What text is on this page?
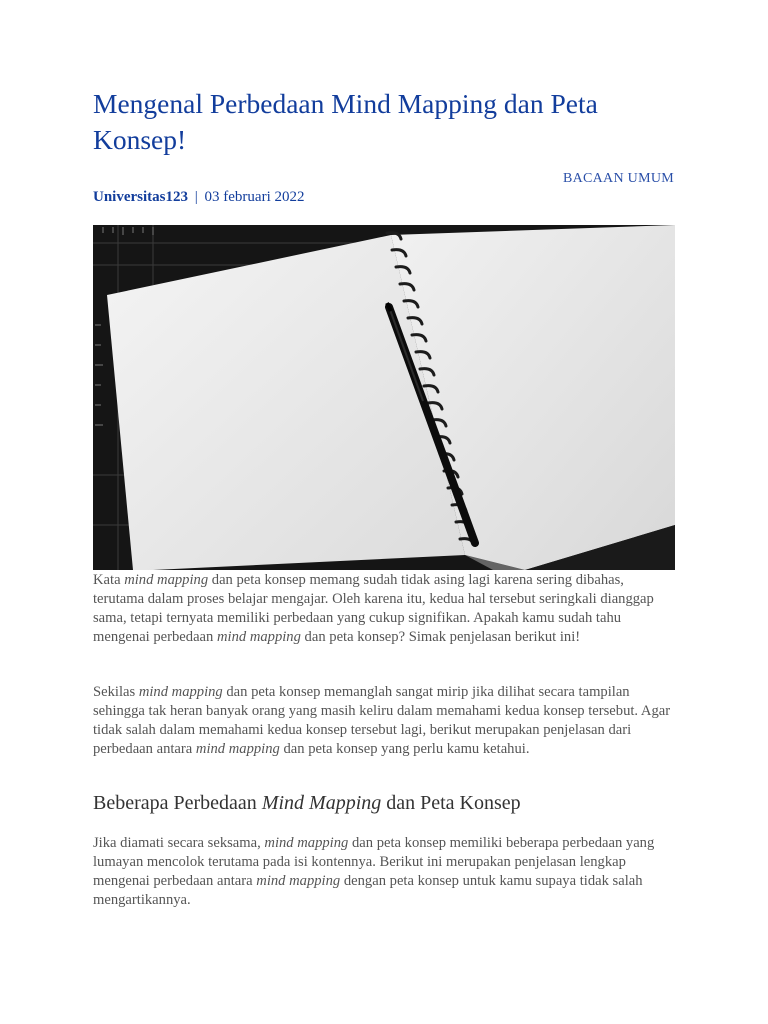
Mengenal Perbedaan Mind Mapping dan Peta Konsep!
BACAAN UMUM
Universitas123 | 03 februari 2022

Kata mind mapping dan peta konsep memang sudah tidak asing lagi karena sering dibahas, terutama dalam proses belajar mengajar. Oleh karena itu, kedua hal tersebut seringkali dianggap sama, tetapi ternyata memiliki perbedaan yang cukup signifikan. Apakah kamu sudah tahu mengenai perbedaan mind mapping dan peta konsep? Simak penjelasan berikut ini!

Sekilas mind mapping dan peta konsep memanglah sangat mirip jika dilihat secara tampilan sehingga tak heran banyak orang yang masih keliru dalam memahami kedua konsep tersebut. Agar tidak salah dalam memahami kedua konsep tersebut lagi, berikut merupakan penjelasan dari perbedaan antara mind mapping dan peta konsep yang perlu kamu ketahui.

Beberapa Perbedaan Mind Mapping dan Peta Konsep

Jika diamati secara seksama, mind mapping dan peta konsep memiliki beberapa perbedaan yang lumayan mencolok terutama pada isi kontennya. Berikut ini merupakan penjelasan lengkap mengenai perbedaan antara mind mapping dengan peta konsep untuk kamu supaya tidak salah mengartikannya.
